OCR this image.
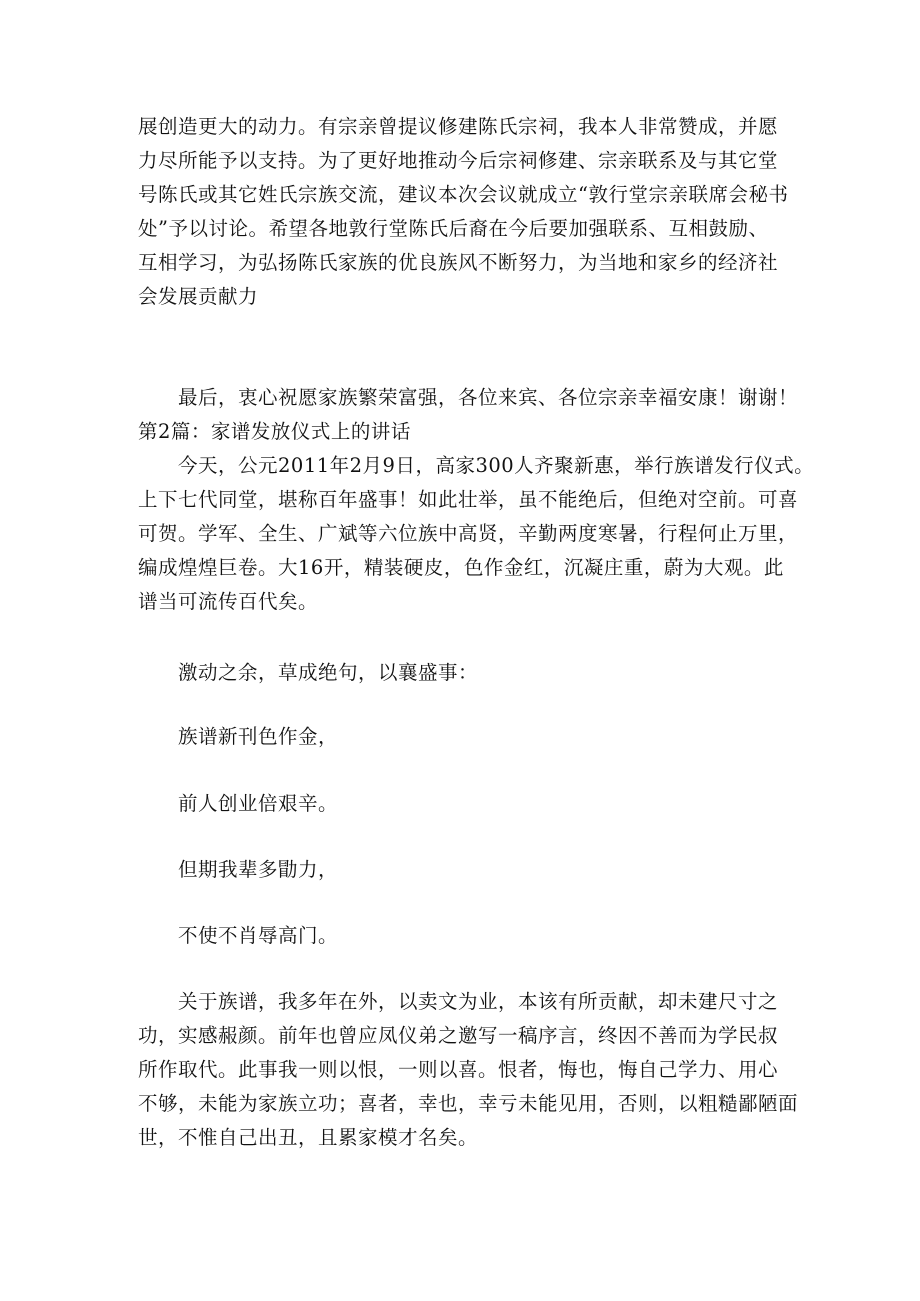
展创造更大的动力。有宗亲曾提议修建陈氏宗祠，我本人非常赞成，并愿
力尽所能予以支持。为了更好地推动今后宗祠修建、宗亲联系及与其它堂
号陈氏或其它姓氏宗族交流，建议本次会议就成立“敦行堂宗亲联席会秘书
处”予以讨论。希望各地敦行堂陈氏后裔在今后要加强联系、互相鼓励、
互相学习，为弘扬陈氏家族的优良族风不断努力，为当地和家乡的经济社
会发展贡献力
最后，衷心祝愿家族繁荣富强，各位来宾、各位宗亲幸福安康！谢谢！
第2篇：家谱发放仪式上的讲话
今天，公元2011年2月9日，高家300人齐聚新惠，举行族谱发行仪式。
上下七代同堂，堪称百年盛事！如此壮举，虽不能绝后，但绝对空前。可喜
可贺。学军、全生、广斌等六位族中高贤，辛勤两度寒暑，行程何止万里，
编成煌煌巨卷。大16开，精装硬皮，色作金红，沉凝庄重，蔚为大观。此
谱当可流传百代矣。
激动之余，草成绝句，以襄盛事：
族谱新刊色作金，
前人创业倍艰辛。
但期我辈多勖力，
不使不肖辱高门。
关于族谱，我多年在外，以卖文为业，本该有所贡献，却未建尺寸之
功，实感赧颜。前年也曾应凤仪弟之邀写一稿序言，终因不善而为学民叔
所作取代。此事我一则以恨，一则以喜。恨者，悔也，悔自己学力、用心
不够，未能为家族立功；喜者，幸也，幸亏未能见用，否则，以粗糙鄙陋面
世，不惟自己出丑，且累家模才名矣。
